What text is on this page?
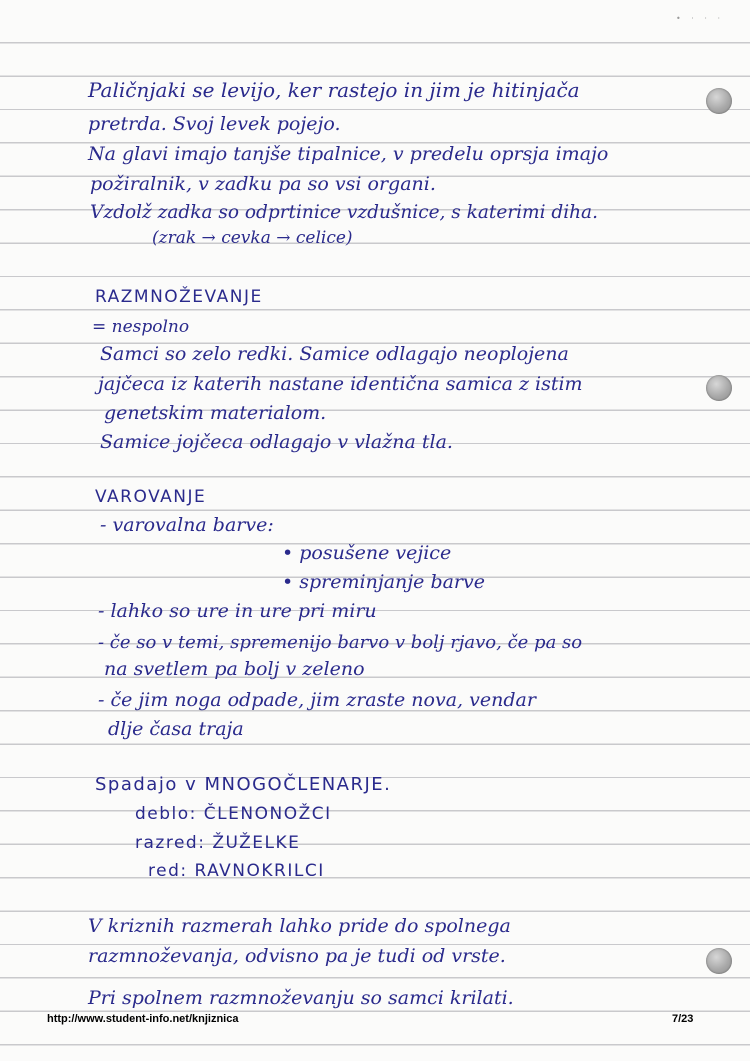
• · · ·
Paličnjaki se levijo, ker rastejo in jim je hitinjača
pretrda. Svoj levek pojejo.
Na glavi imajo tanjše tipalnice, v predelu oprsja imajo
požiralnik, v zadku pa so vsi organi.
Vzdolž zadka so odprtinice vzdušnice, s katerimi diha.
(zrak → cevka → celice)
RAZMNOŽEVANJE
= nespolno
Samci so zelo redki. Samice odlagajo neoplojena
jajčeca iz katerih nastane identična samica z istim
genetskim materialom.
Samice jojčeca odlagajo v vlažna tla.
VAROVANJE
- varovalna barve:
• posušene vejice
• spreminjanje barve
- lahko so ure in ure pri miru
- če so v temi, spremenijo barvo v bolj rjavo, če pa so
na svetlem pa bolj v zeleno
- če jim noga odpade, jim zraste nova, vendar
dlje časa traja
Spadajo v MNOGOČLENARJE.
deblo: ČLENONOŽCI
razred: ŽUŽELKE
red: RAVNOKRILCI
V kriznih razmerah lahko pride do spolnega
razmnoževanja, odvisno pa je tudi od vrste.
Pri spolnem razmnoževanju so samci krilati.
http://www.student-info.net/knjiznica	7/23
